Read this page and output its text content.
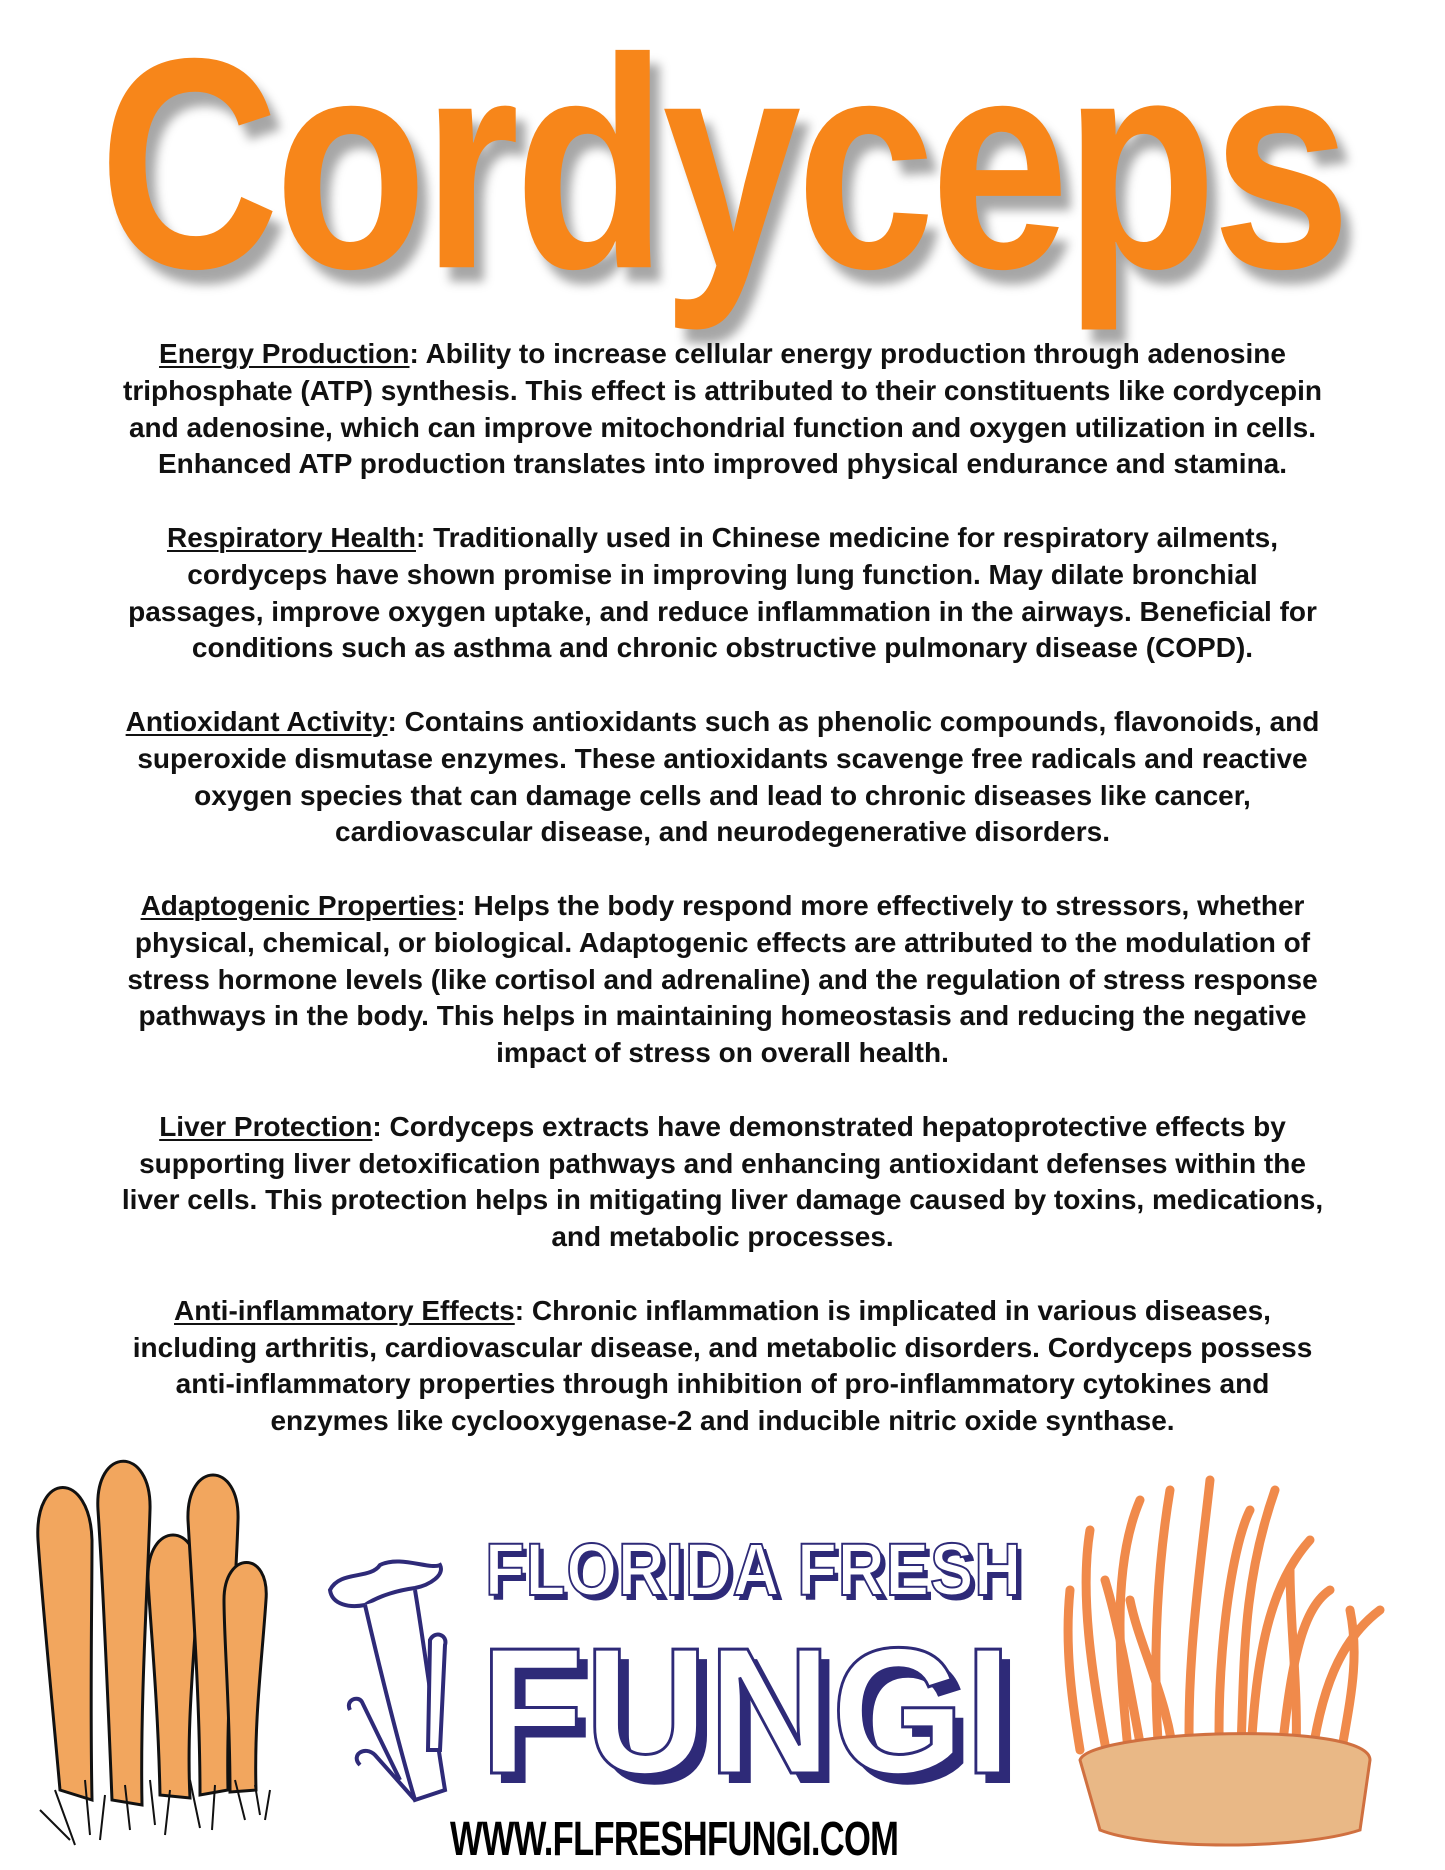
Cordyceps
Energy Production: Ability to increase cellular energy production through adenosine
triphosphate (ATP) synthesis. This effect is attributed to their constituents like cordycepin
and adenosine, which can improve mitochondrial function and oxygen utilization in cells.
Enhanced ATP production translates into improved physical endurance and stamina.
Respiratory Health: Traditionally used in Chinese medicine for respiratory ailments,
cordyceps have shown promise in improving lung function. May dilate bronchial
passages, improve oxygen uptake, and reduce inflammation in the airways. Beneficial for
conditions such as asthma and chronic obstructive pulmonary disease (COPD).
Antioxidant Activity: Contains antioxidants such as phenolic compounds, flavonoids, and
superoxide dismutase enzymes. These antioxidants scavenge free radicals and reactive
oxygen species that can damage cells and lead to chronic diseases like cancer,
cardiovascular disease, and neurodegenerative disorders.
Adaptogenic Properties: Helps the body respond more effectively to stressors, whether
physical, chemical, or biological. Adaptogenic effects are attributed to the modulation of
stress hormone levels (like cortisol and adrenaline) and the regulation of stress response
pathways in the body. This helps in maintaining homeostasis and reducing the negative
impact of stress on overall health.
Liver Protection: Cordyceps extracts have demonstrated hepatoprotective effects by
supporting liver detoxification pathways and enhancing antioxidant defenses within the
liver cells. This protection helps in mitigating liver damage caused by toxins, medications,
and metabolic processes.
Anti-inflammatory Effects: Chronic inflammation is implicated in various diseases,
including arthritis, cardiovascular disease, and metabolic disorders. Cordyceps possess
anti-inflammatory properties through inhibition of pro-inflammatory cytokines and
enzymes like cyclooxygenase-2 and inducible nitric oxide synthase.
FLORIDA FRESH
FUNGI
WWW.FLFRESHFUNGI.COM
